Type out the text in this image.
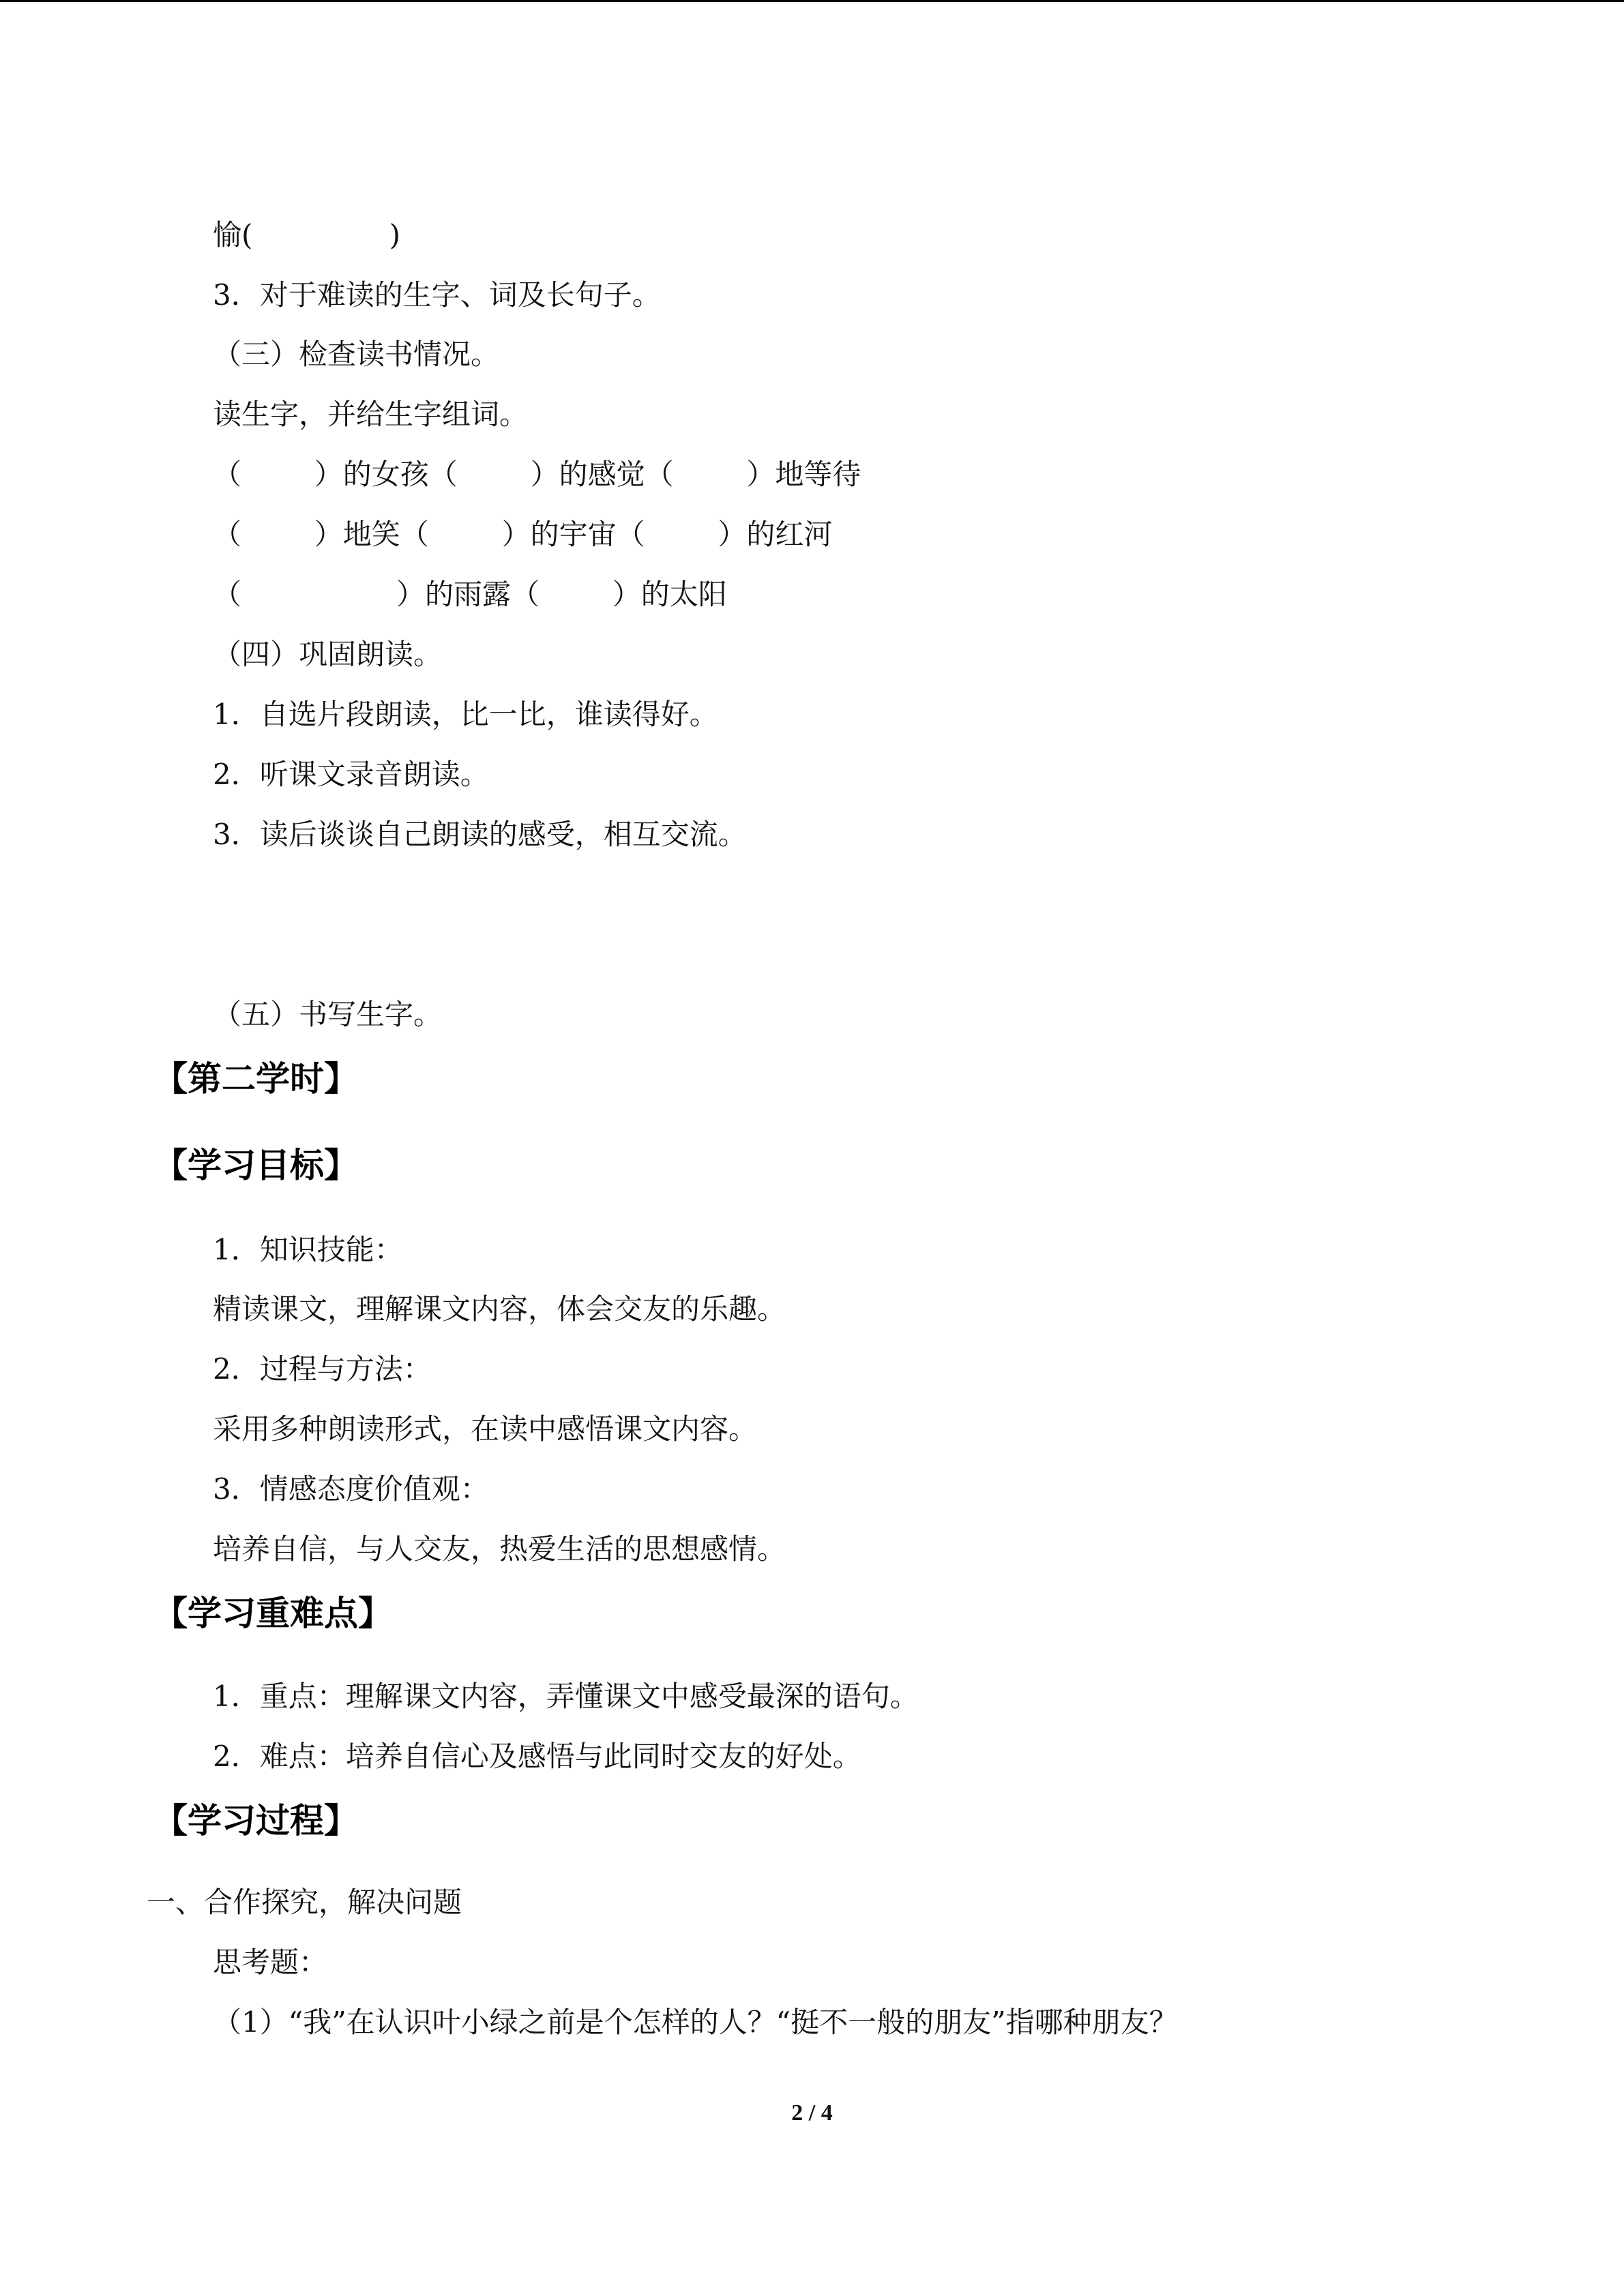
愉(               )
3．对于难读的生字、词及长句子。
（三）检查读书情况。
读生字，并给生字组词。
（        ）的女孩（        ）的感觉（        ）地等待
（        ）地笑（        ）的宇宙（        ）的红河
（                 ）的雨露（        ）的太阳
（四）巩固朗读。
1．自选片段朗读，比一比，谁读得好。
2．听课文录音朗读。
3．读后谈谈自己朗读的感受，相互交流。
（五）书写生字。
【第二学时】
【学习目标】
1．知识技能：
精读课文，理解课文内容，体会交友的乐趣。
2．过程与方法：
采用多种朗读形式，在读中感悟课文内容。
3．情感态度价值观：
培养自信，与人交友，热爱生活的思想感情。
【学习重难点】
1．重点：理解课文内容，弄懂课文中感受最深的语句。
2．难点：培养自信心及感悟与此同时交友的好处。
【学习过程】
一、合作探究，解决问题
思考题：
（1）“我”在认识叶小绿之前是个怎样的人？“挺不一般的朋友”指哪种朋友？
2 / 4
